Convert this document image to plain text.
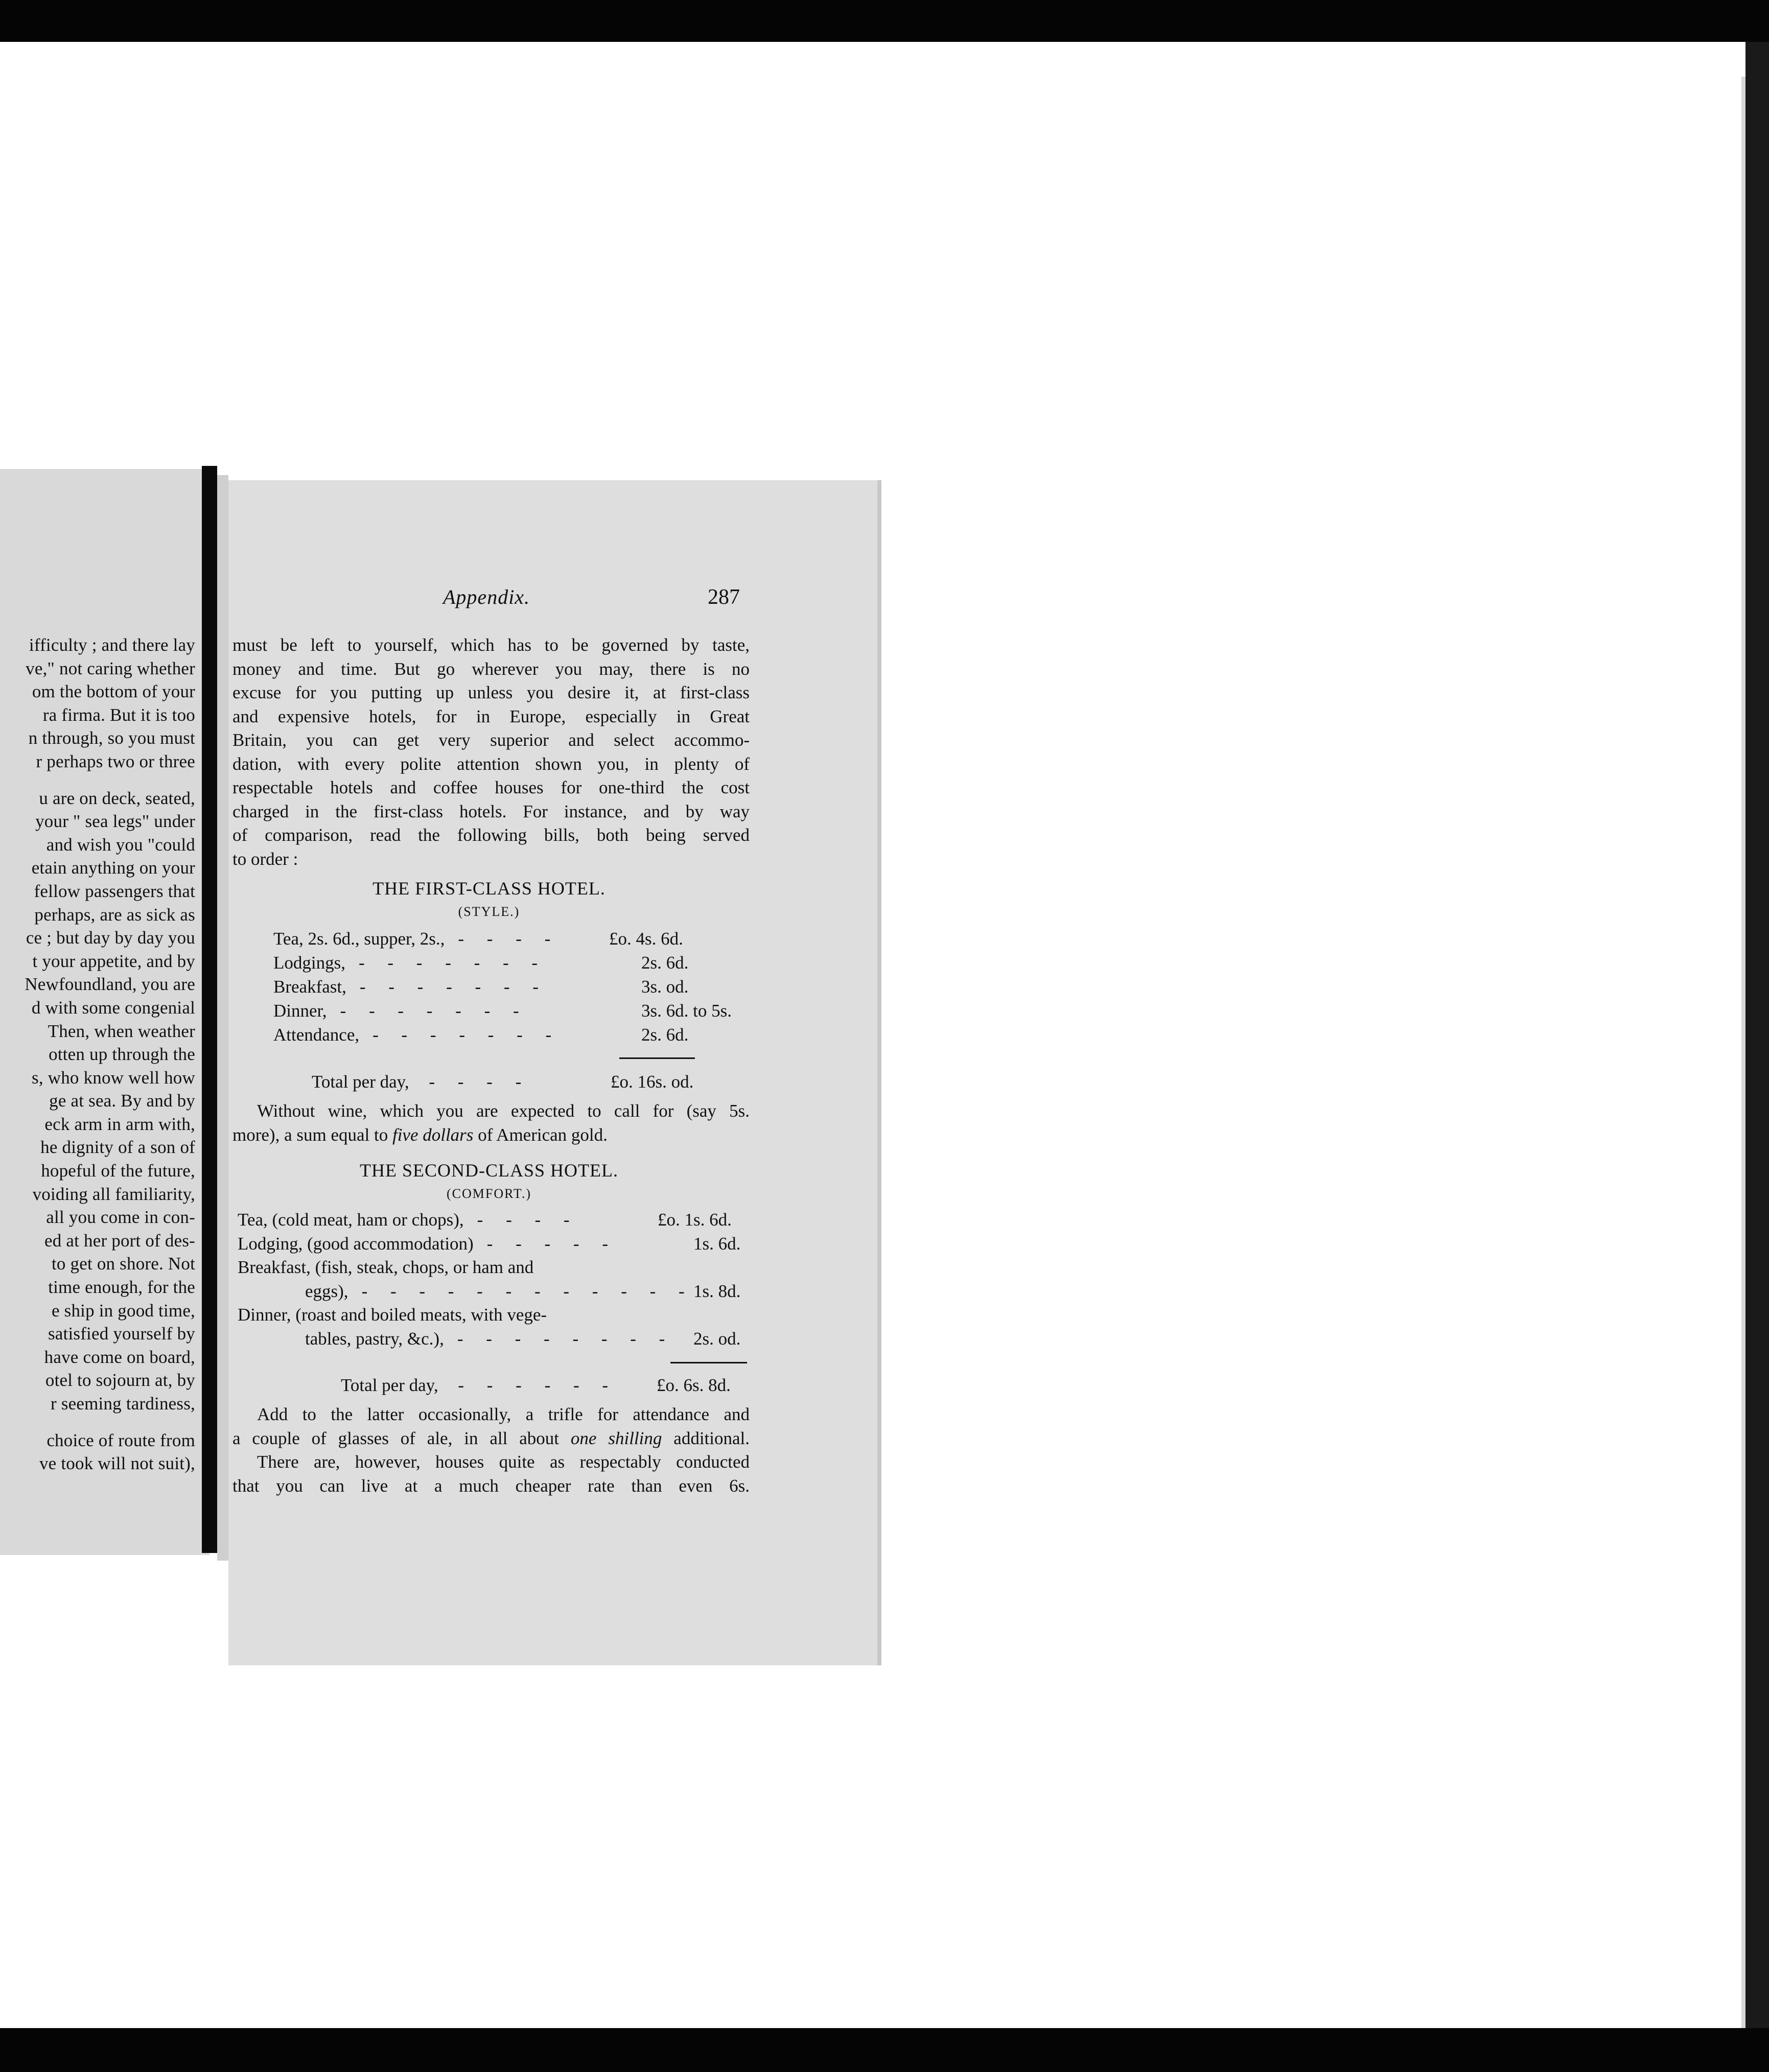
ifficulty ; and there lay
ve," not caring whether
om the bottom of your
ra firma. But it is too
n through, so you must
r perhaps two or three
u are on deck, seated,
your " sea legs" under
and wish you "could
etain anything on your
fellow passengers that
perhaps, are as sick as
ce ; but day by day you
t your appetite, and by
Newfoundland, you are
d with some congenial
Then, when weather
otten up through the
s, who know well how
ge at sea. By and by
eck arm in arm with,
he dignity of a son of
hopeful of the future,
voiding all familiarity,
all you come in con-
ed at her port of des-
to get on shore. Not
time enough, for the
e ship in good time,
satisfied yourself by
have come on board,
otel to sojourn at, by
r seeming tardiness,
choice of route from
ve took will not suit),
Appendix.	287
must be left to yourself, which has to be governed by taste,
money and time. But go wherever you may, there is no
excuse for you putting up unless you desire it, at first-class
and expensive hotels, for in Europe, especially in Great
Britain, you can get very superior and select accommo-
dation, with every polite attention shown you, in plenty of
respectable hotels and coffee houses for one-third the cost
charged in the first-class hotels. For instance, and by way
of comparison, read the following bills, both being served
to order :
THE FIRST-CLASS HOTEL.
(STYLE.)
Tea, 2s. 6d., supper, 2s., - - - -	£o. 4s. 6d.
Lodgings, - - - - - - -	2s. 6d.
Breakfast, - - - - - - -	3s. od.
Dinner, - - - - - - -	3s. 6d. to 5s.
Attendance, - - - - - - -	2s. 6d.
Total per day, - - - -	£o. 16s. od.
Without wine, which you are expected to call for (say 5s.
more), a sum equal to five dollars of American gold.
THE SECOND-CLASS HOTEL.
(COMFORT.)
Tea, (cold meat, ham or chops), - - - -	£o. 1s. 6d.
Lodging, (good accommodation) - - - - -	1s. 6d.
Breakfast, (fish, steak, chops, or ham and
eggs), - - - - - - - - - - - - 1s. 8d.
Dinner, (roast and boiled meats, with vege-
tables, pastry, &c.), - - - - - - - - 2s. od.
Total per day, - - - - - - £o. 6s. 8d.
Add to the latter occasionally, a trifle for attendance and
a couple of glasses of ale, in all about one shilling additional.
There are, however, houses quite as respectably conducted
that you can live at a much cheaper rate than even 6s.
